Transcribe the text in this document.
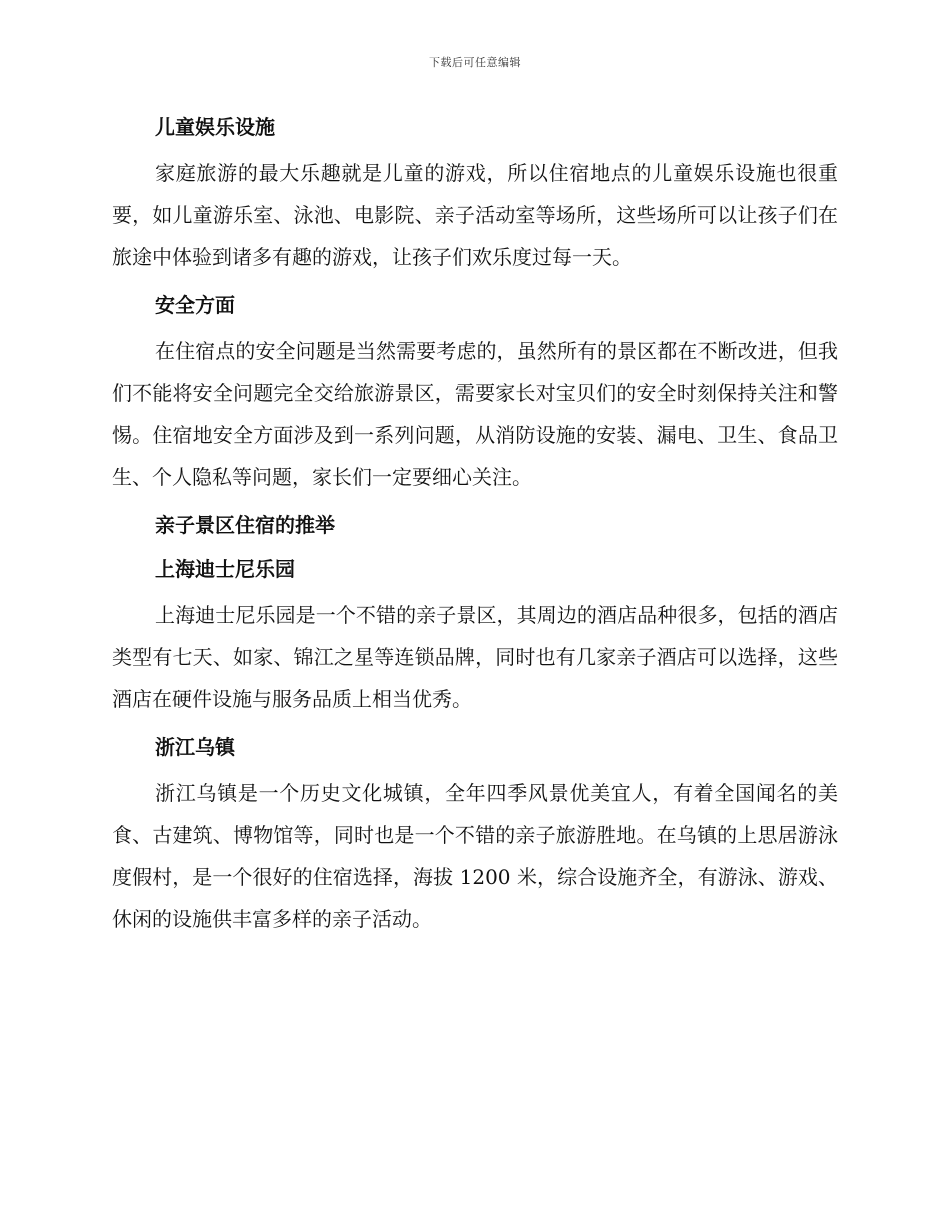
下载后可任意编辑
儿童娱乐设施

家庭旅游的最大乐趣就是儿童的游戏，所以住宿地点的儿童娱乐设施也很重要，如儿童游乐室、泳池、电影院、亲子活动室等场所，这些场所可以让孩子们在旅途中体验到诸多有趣的游戏，让孩子们欢乐度过每一天。

安全方面

在住宿点的安全问题是当然需要考虑的，虽然所有的景区都在不断改进，但我们不能将安全问题完全交给旅游景区，需要家长对宝贝们的安全时刻保持关注和警惕。住宿地安全方面涉及到一系列问题，从消防设施的安装、漏电、卫生、食品卫生、个人隐私等问题，家长们一定要细心关注。

亲子景区住宿的推举
上海迪士尼乐园

上海迪士尼乐园是一个不错的亲子景区，其周边的酒店品种很多，包括的酒店类型有七天、如家、锦江之星等连锁品牌，同时也有几家亲子酒店可以选择，这些酒店在硬件设施与服务品质上相当优秀。

浙江乌镇

浙江乌镇是一个历史文化城镇，全年四季风景优美宜人，有着全国闻名的美食、古建筑、博物馆等，同时也是一个不错的亲子旅游胜地。在乌镇的上思居游泳度假村，是一个很好的住宿选择，海拔 1200 米，综合设施齐全，有游泳、游戏、休闲的设施供丰富多样的亲子活动。
